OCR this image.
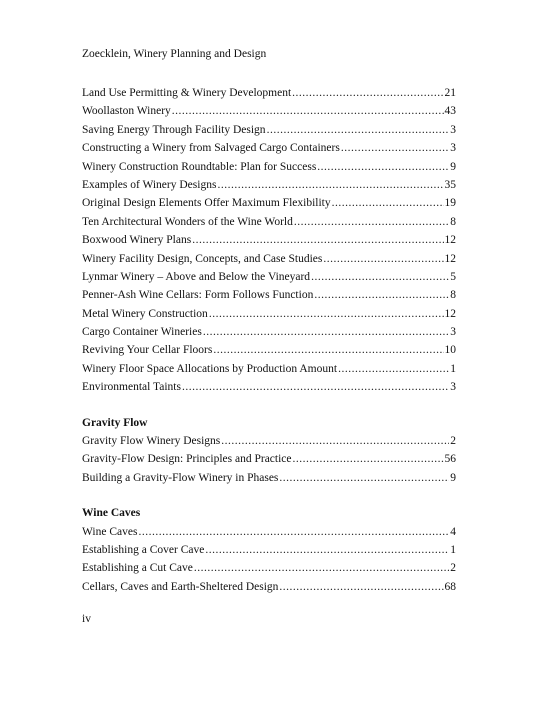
Zoecklein, Winery Planning and Design
Land Use Permitting & Winery Development .....	21
Woollaston Winery .....	43
Saving Energy Through Facility Design .....	3
Constructing a Winery from Salvaged Cargo Containers .....	3
Winery Construction Roundtable: Plan for Success .....	9
Examples of Winery Designs .....	35
Original Design Elements Offer Maximum Flexibility .....	19
Ten Architectural Wonders of the Wine World .....	8
Boxwood Winery Plans .....	12
Winery Facility Design, Concepts, and Case Studies .....	12
Lynmar Winery – Above and Below the Vineyard .....	5
Penner-Ash Wine Cellars: Form Follows Function .....	8
Metal Winery Construction .....	12
Cargo Container Wineries .....	3
Reviving Your Cellar Floors .....	10
Winery Floor Space Allocations by Production Amount .....	1
Environmental Taints .....	3
Gravity Flow
Gravity Flow Winery Designs .....	2
Gravity-Flow Design: Principles and Practice .....	56
Building a Gravity-Flow Winery in Phases .....	9
Wine Caves
Wine Caves .....	4
Establishing a Cover Cave .....	1
Establishing a Cut Cave .....	2
Cellars, Caves and Earth-Sheltered Design .....	68
iv
